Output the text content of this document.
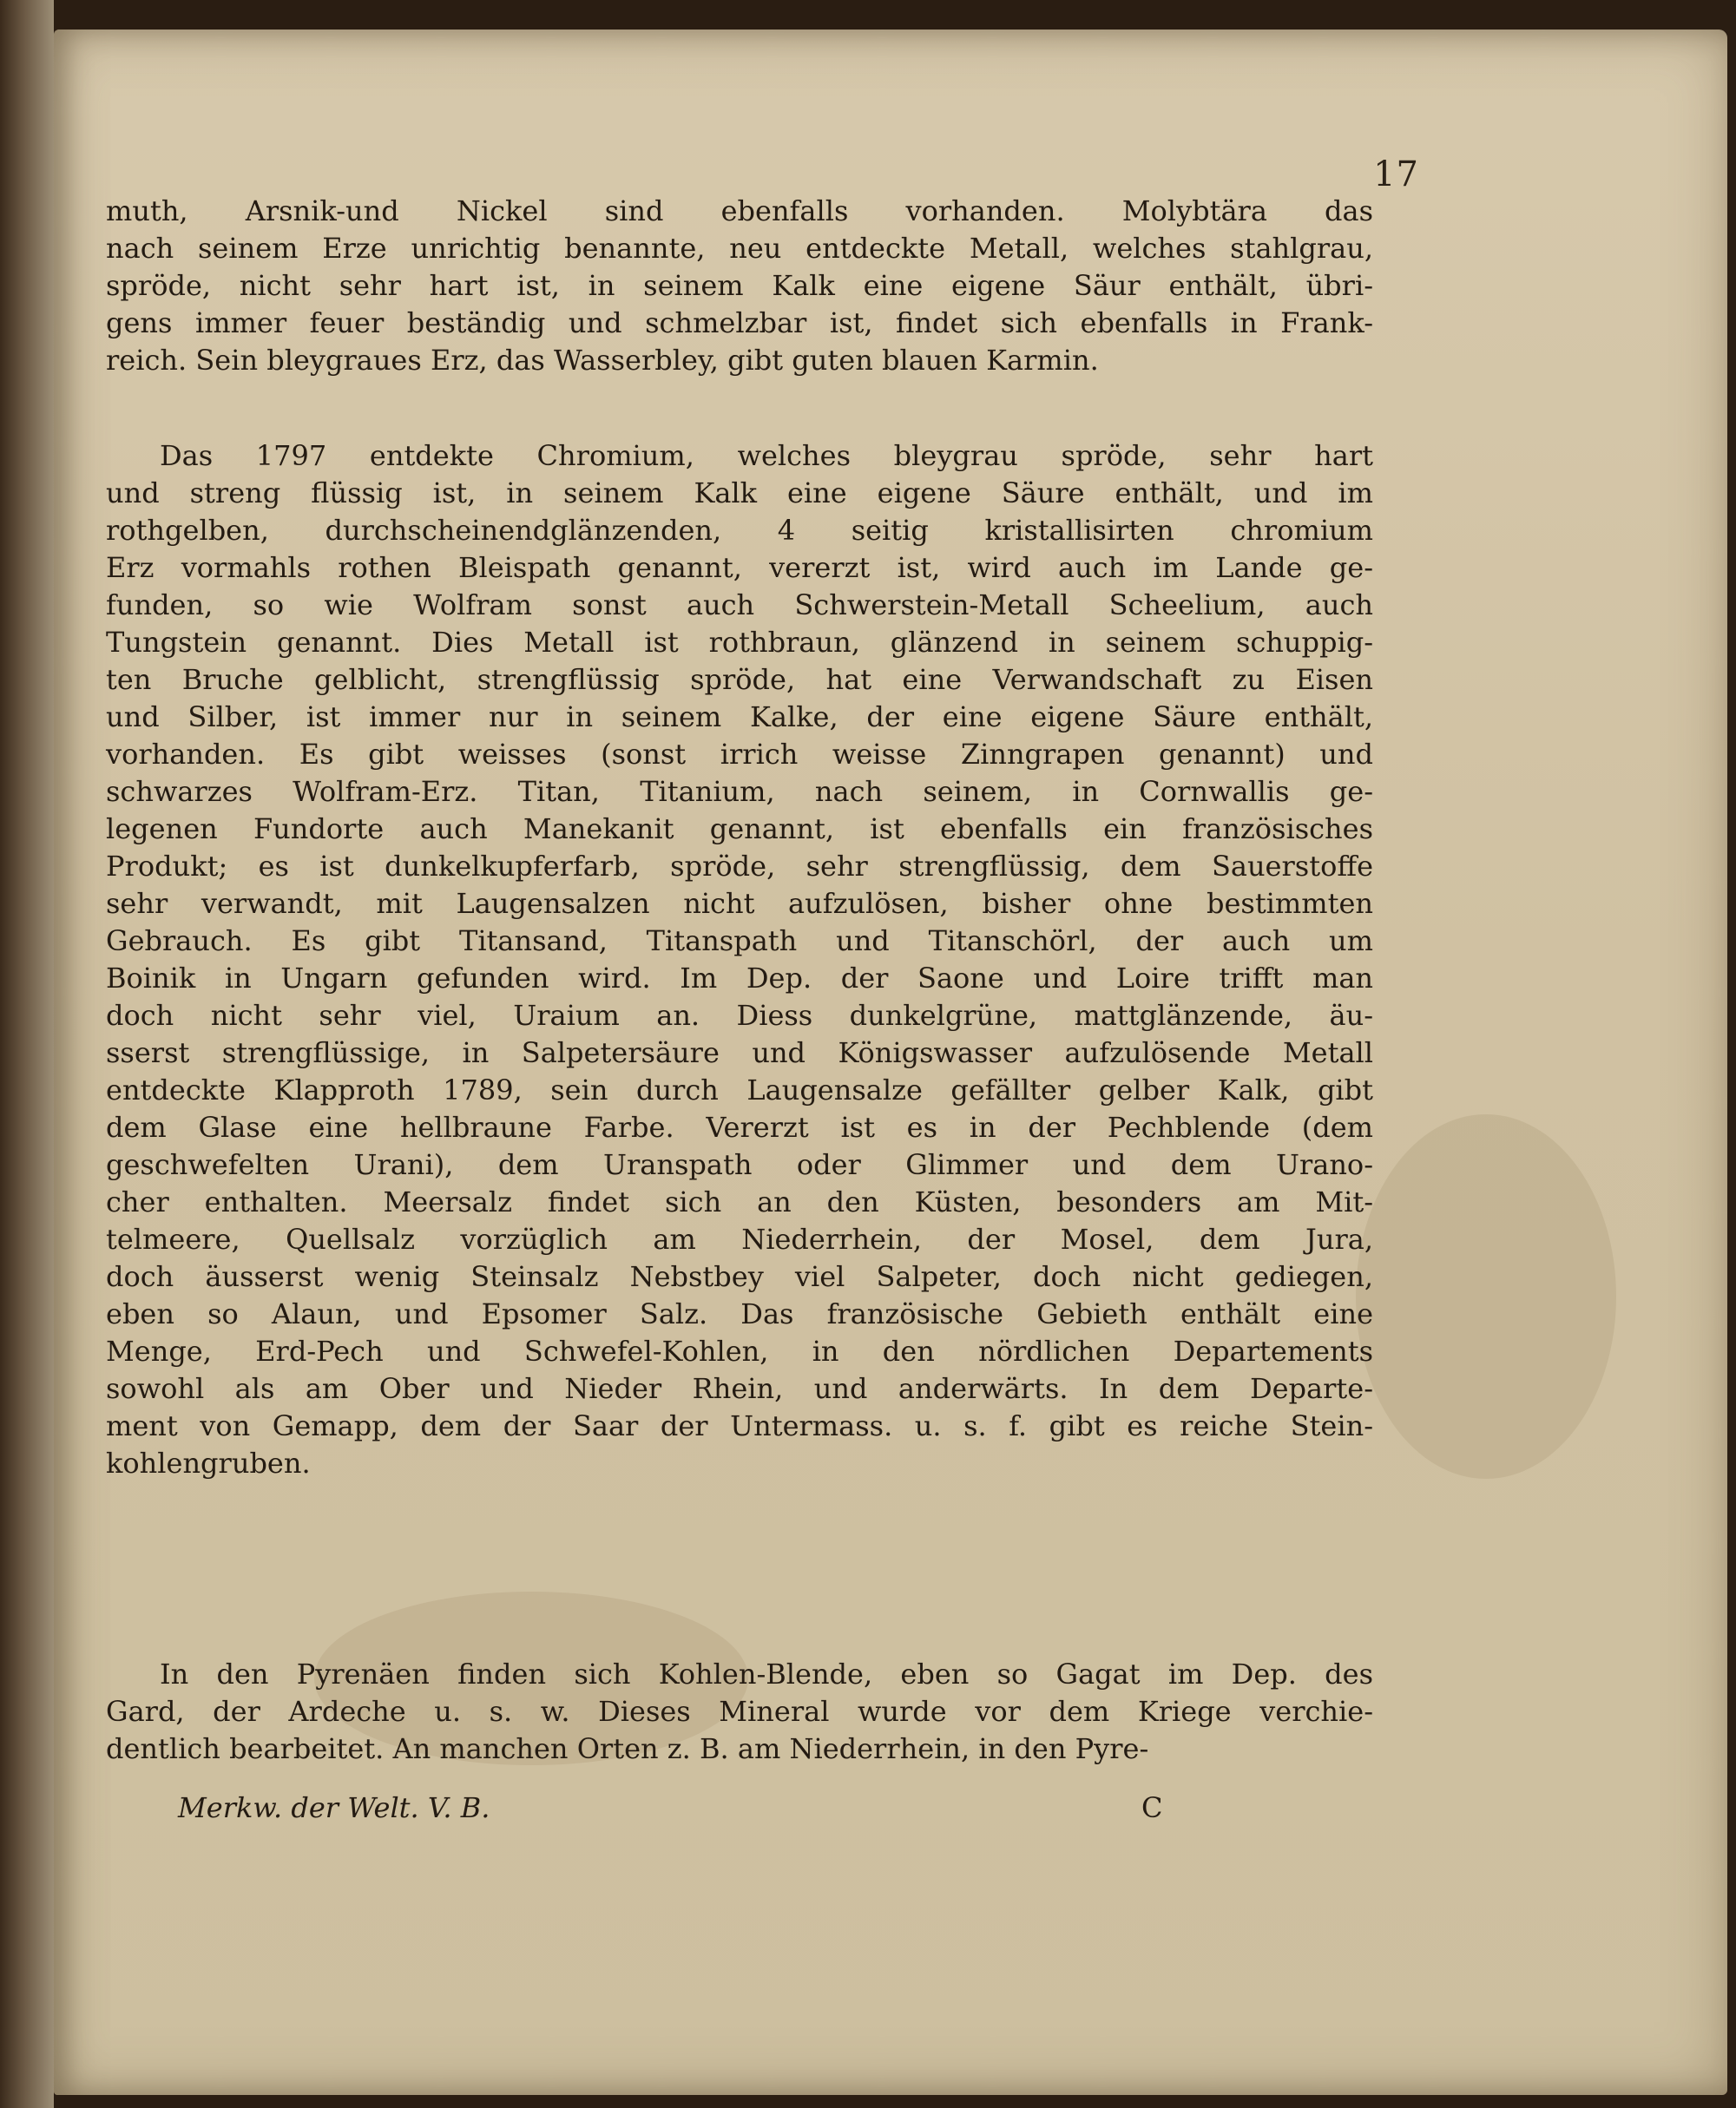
17
muth, Arsnik-und Nickel sind ebenfalls vorhanden. Molybtära das
nach seinem Erze unrichtig benannte, neu entdeckte Metall, welches stahlgrau,
spröde, nicht sehr hart ist, in seinem Kalk eine eigene Säur enthält, übri-
gens immer feuer beständig und schmelzbar ist, findet sich ebenfalls in Frank-
reich. Sein bleygraues Erz, das Wasserbley, gibt guten blauen Karmin.
Das 1797 entdekte Chromium, welches bleygrau spröde, sehr hart
und streng flüssig ist, in seinem Kalk eine eigene Säure enthält, und im
rothgelben, durchscheinendglänzenden, 4 seitig kristallisirten chromium
Erz vormahls rothen Bleispath genannt, vererzt ist, wird auch im Lande ge-
funden, so wie Wolfram sonst auch Schwerstein-Metall Scheelium, auch
Tungstein genannt. Dies Metall ist rothbraun, glänzend in seinem schuppig-
ten Bruche gelblicht, strengflüssig spröde, hat eine Verwandschaft zu Eisen
und Silber, ist immer nur in seinem Kalke, der eine eigene Säure enthält,
vorhanden. Es gibt weisses (sonst irrich weisse Zinngrapen genannt) und
schwarzes Wolfram-Erz. Titan, Titanium, nach seinem, in Cornwallis ge-
legenen Fundorte auch Manekanit genannt, ist ebenfalls ein französisches
Produkt; es ist dunkelkupferfarb, spröde, sehr strengflüssig, dem Sauerstoffe
sehr verwandt, mit Laugensalzen nicht aufzulösen, bisher ohne bestimmten
Gebrauch. Es gibt Titansand, Titanspath und Titanschörl, der auch um
Boinik in Ungarn gefunden wird. Im Dep. der Saone und Loire trifft man
doch nicht sehr viel, Uraium an. Diess dunkelgrüne, mattglänzende, äu-
sserst strengflüssige, in Salpetersäure und Königswasser aufzulösende Metall
entdeckte Klapproth 1789, sein durch Laugensalze gefällter gelber Kalk, gibt
dem Glase eine hellbraune Farbe. Vererzt ist es in der Pechblende (dem
geschwefelten Urani), dem Uranspath oder Glimmer und dem Urano-
cher enthalten. Meersalz findet sich an den Küsten, besonders am Mit-
telmeere, Quellsalz vorzüglich am Niederrhein, der Mosel, dem Jura,
doch äusserst wenig Steinsalz Nebstbey viel Salpeter, doch nicht gediegen,
eben so Alaun, und Epsomer Salz. Das französische Gebieth enthält eine
Menge, Erd-Pech und Schwefel-Kohlen, in den nördlichen Departements
sowohl als am Ober und Nieder Rhein, und anderwärts. In dem Departe-
ment von Gemapp, dem der Saar der Untermass. u. s. f. gibt es reiche Stein-
kohlengruben.
In den Pyrenäen finden sich Kohlen-Blende, eben so Gagat im Dep. des
Gard, der Ardeche u. s. w. Dieses Mineral wurde vor dem Kriege verchie-
dentlich bearbeitet. An manchen Orten z. B. am Niederrhein, in den Pyre-
Merkw. der Welt. V. B.	C
